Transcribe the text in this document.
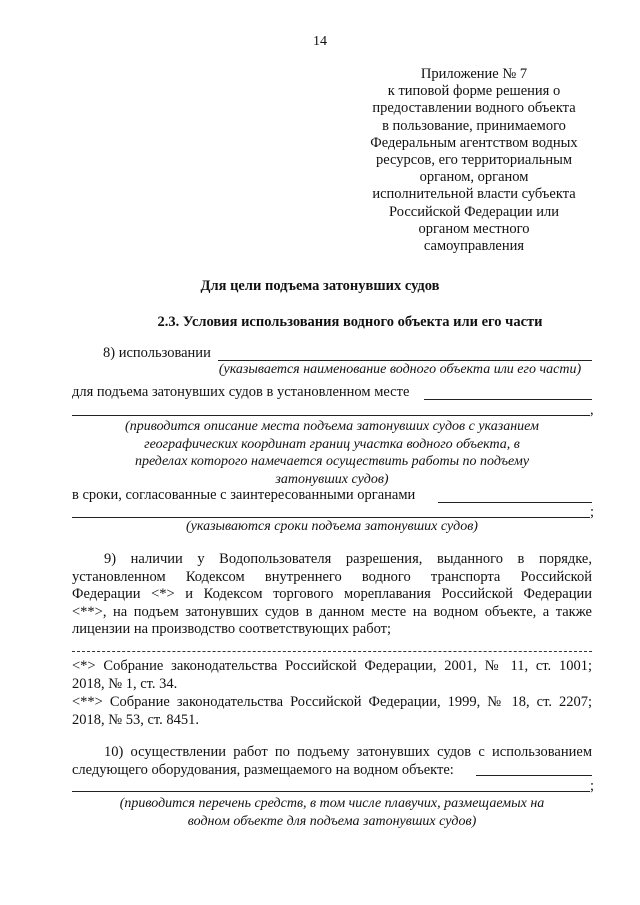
14
Приложение № 7
к типовой форме решения о
предоставлении водного объекта
в пользование, принимаемого
Федеральным агентством водных
ресурсов, его территориальным
органом, органом
исполнительной власти субъекта
Российской Федерации или
органом местного
самоуправления
Для цели подъема затонувших судов
2.3. Условия использования водного объекта или его части
8) использовании
(указывается наименование водного объекта или его части)
для подъема затонувших судов в установленном месте
,
(приводится описание места подъема затонувших судов с указанием
географических координат границ участка водного объекта, в
пределах которого намечается осуществить работы по подъему
затонувших судов)
в сроки, согласованные с заинтересованными органами
;
(указываются сроки подъема затонувших судов)
9) наличии у Водопользователя разрешения, выданного в порядке,
установленном Кодексом внутреннего водного транспорта Российской
Федерации <*> и Кодексом торгового мореплавания Российской Федерации
<**>, на подъем затонувших судов в данном месте на водном объекте, а также
лицензии на производство соответствующих работ;
<*> Собрание законодательства Российской Федерации, 2001, № 11, ст. 1001;
2018, № 1, ст. 34.
<**> Собрание законодательства Российской Федерации, 1999, № 18, ст. 2207;
2018, № 53, ст. 8451.
10) осуществлении работ по подъему затонувших судов с использованием
следующего оборудования, размещаемого на водном объекте:
;
(приводится перечень средств, в том числе плавучих, размещаемых на
водном объекте для подъема затонувших судов)
